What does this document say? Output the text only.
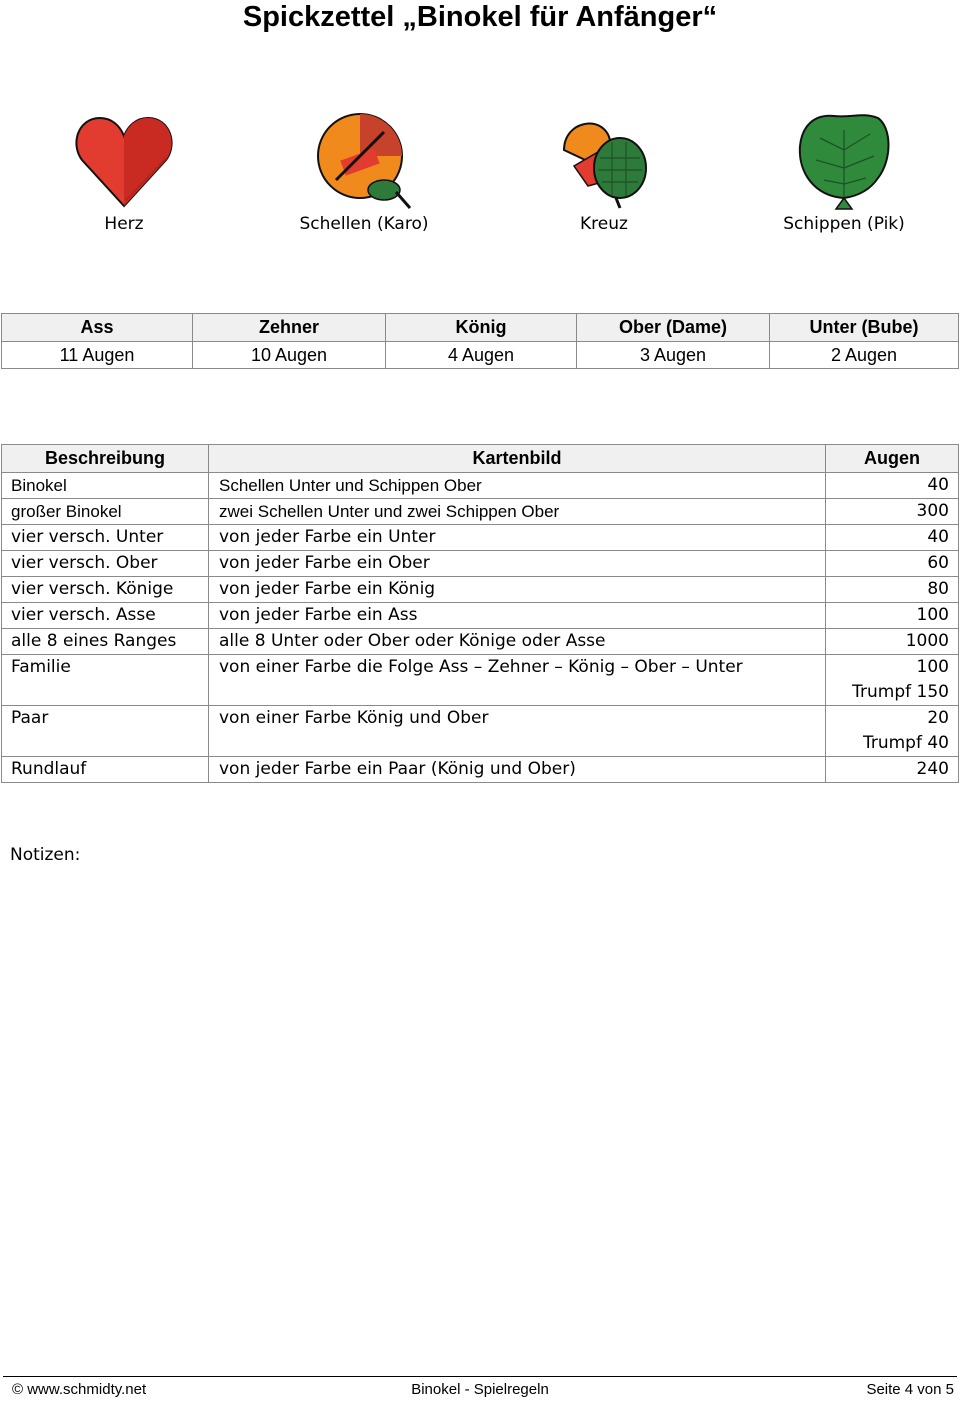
Spickzettel „Binokel für Anfänger“
Herz	Schellen (Karo)	Kreuz	Schippen (Pik)
Ass	Zehner	König	Ober (Dame)	Unter (Bube)
11 Augen	10 Augen	4 Augen	3 Augen	2 Augen
Beschreibung	Kartenbild	Augen
Binokel	Schellen Unter und Schippen Ober	40
großer Binokel	zwei Schellen Unter und zwei Schippen Ober	300
vier versch. Unter	von jeder Farbe ein Unter	40
vier versch. Ober	von jeder Farbe ein Ober	60
vier versch. Könige	von jeder Farbe ein König	80
vier versch. Asse	von jeder Farbe ein Ass	100
alle 8 eines Ranges	alle 8 Unter oder Ober oder Könige oder Asse	1000
Familie	von einer Farbe die Folge Ass – Zehner – König – Ober – Unter	100
Trumpf 150

Paar	von einer Farbe König und Ober	20
Trumpf 40

Rundlauf	von jeder Farbe ein Paar (König und Ober)	240
Notizen:
© www.schmidty.net	Binokel - Spielregeln	Seite 4 von 5
